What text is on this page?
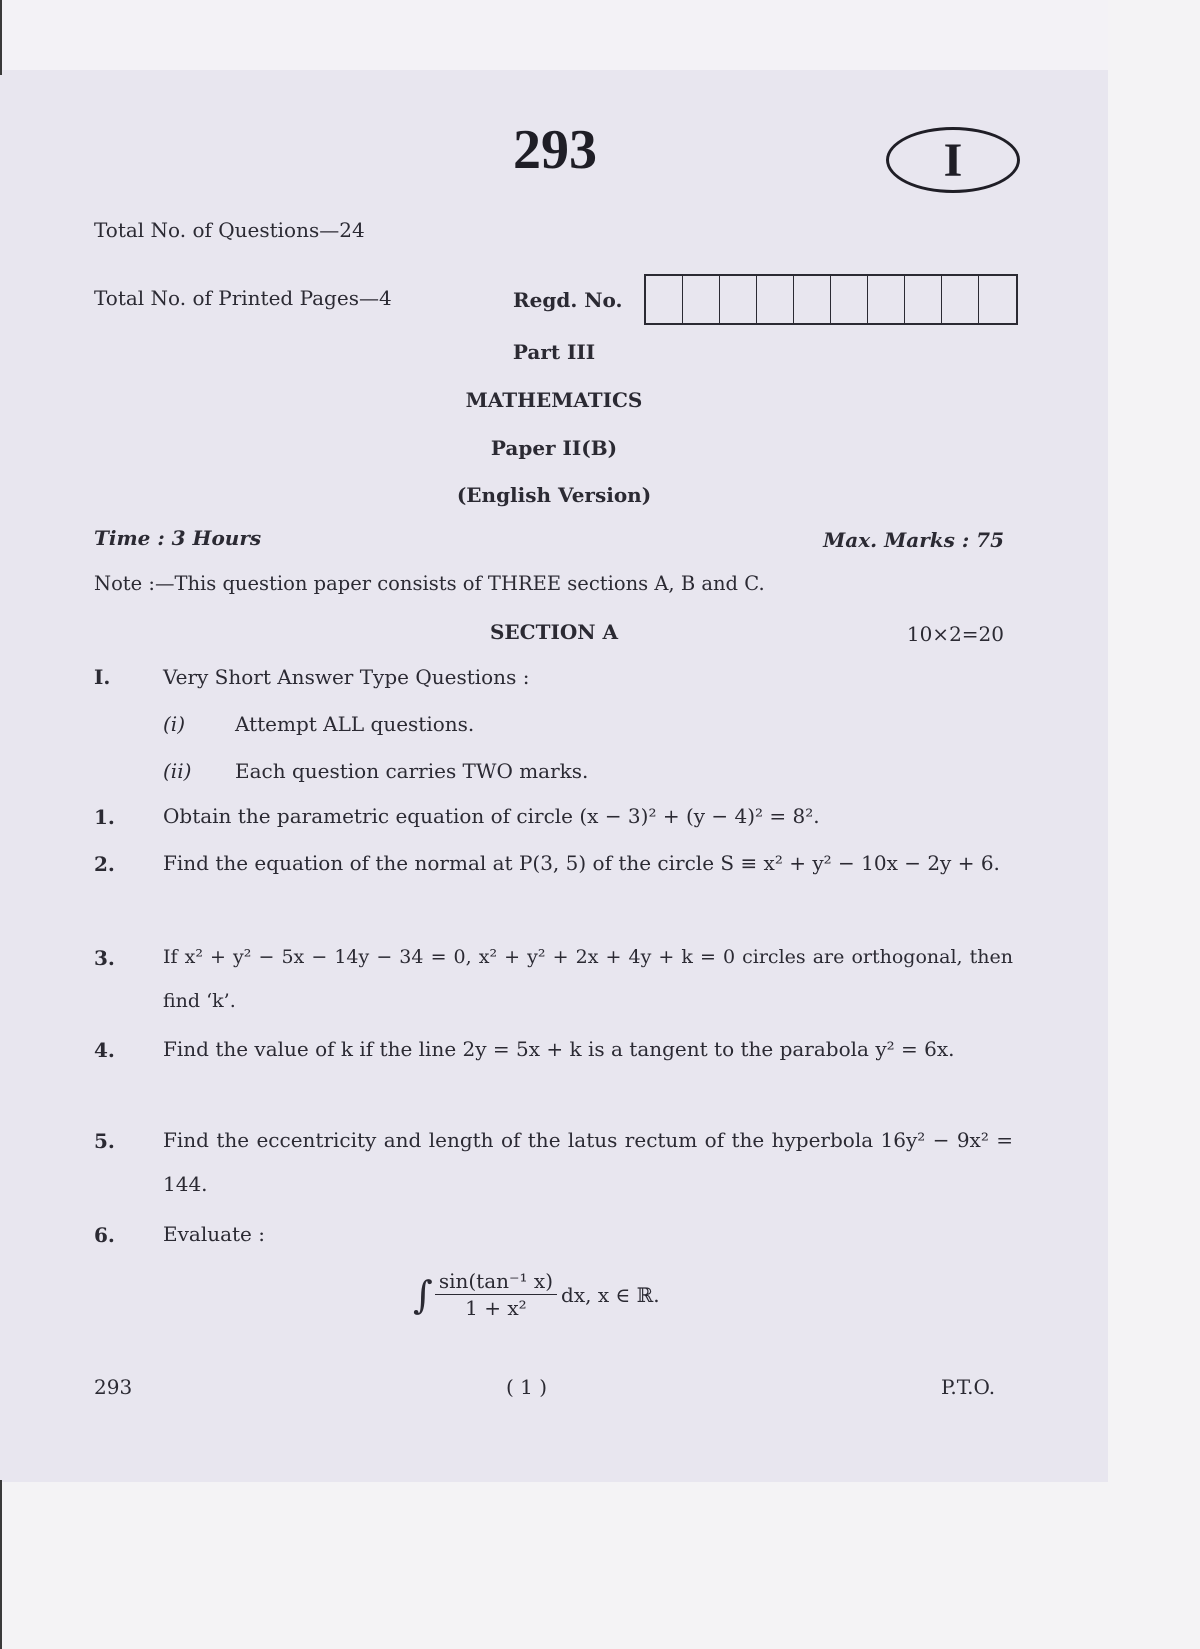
293	I
Total No. of Questions—24
Total No. of Printed Pages—4	Regd. No.
Part III
MATHEMATICS
Paper II(B)
(English Version)
Time : 3 Hours	Max. Marks : 75
Note :—This question paper consists of THREE sections A, B and C.
SECTION A	10×2=20
I.	Very Short Answer Type Questions :
(i) Attempt ALL questions.
(ii) Each question carries TWO marks.
1. Obtain the parametric equation of circle (x − 3)² + (y − 4)² = 8².
2. Find the equation of the normal at P(3, 5) of the circle S ≡ x² + y² − 10x − 2y + 6.
3.	If x² + y² − 5x − 14y − 34 = 0, x² + y² + 2x + 4y + k = 0 circles are orthogonal, then find ‘k’.
4. Find the value of k if the line 2y = 5x + k is a tangent to the parabola y² = 6x.
5. Find the eccentricity and length of the latus rectum of the hyperbola 16y² − 9x² = 144.
6. Evaluate :
∫ $\frac{\text{sin(tan⁻¹ x)}}{\text{1 + x²}}$ dx, x ∈ ℝ.
293	( 1 )	P.T.O.
